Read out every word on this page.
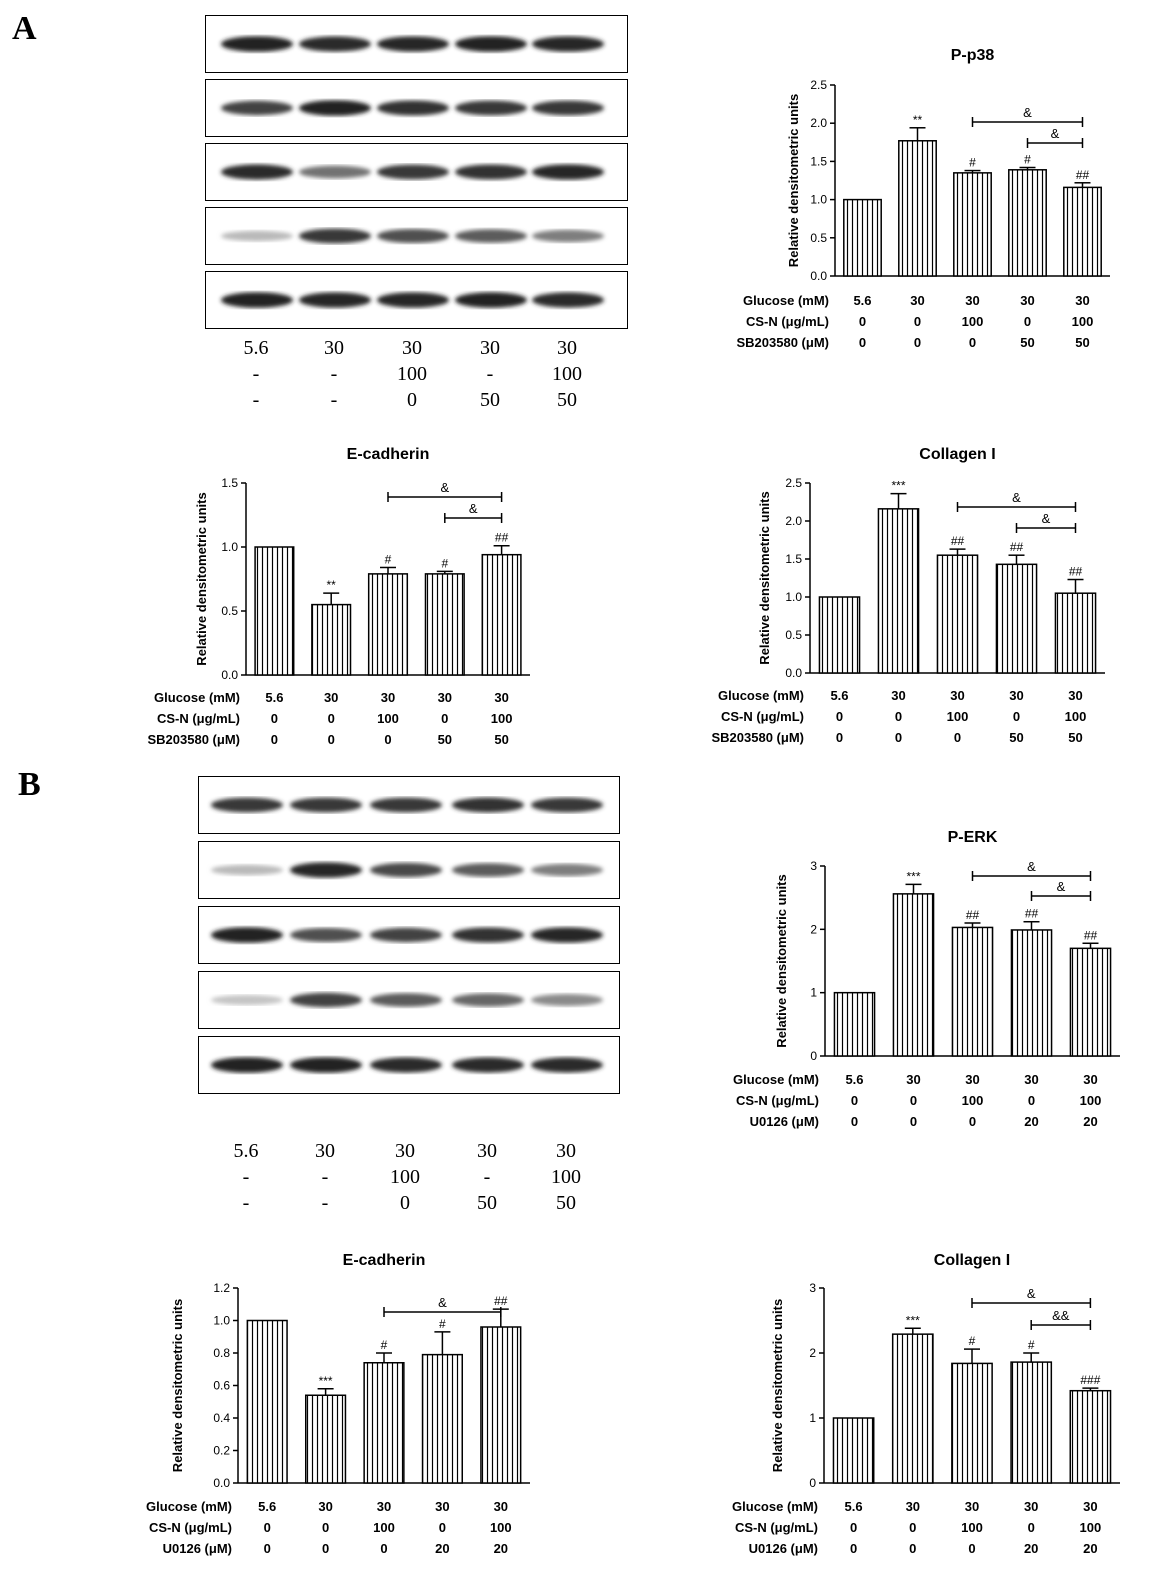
A
B
5.6	30	30	30	30
-	-	100	-	100
-	-	0	50	50
5.6	30	30	30	30
-	-	100	-	100
-	-	0	50	50
P-p38
0.0
0.5
1.0
1.5
2.0
2.5
Relative densitometric units	**
#	#
##
&
&
Glucose (mM) 5.6	30	30	30	30
CS-N (μg/mL) 0	0	100	0	100
SB203580 (μM) 0	0	0	50	50
E-cadherin
0.0
0.5
1.0
1.5
Relative densitometric units	**
#	#
##
&
&
Glucose (mM) 5.6	30	30	30	30
CS-N (μg/mL) 0	0	100	0	100
SB203580 (μM) 0	0	0	50	50
Collagen I
0.0
0.5
1.0
1.5
2.0
2.5
Relative densitometric units
***
##	##
##
&
&
Glucose (mM) 5.6	30	30	30	30
CS-N (μg/mL) 0	0	100	0	100
SB203580 (μM) 0	0	0	50	50
P-ERK
0
1
2
3
Relative densitometric units	***
##	##
##
&
&
Glucose (mM) 5.6	30	30	30	30
CS-N (μg/mL) 0	0	100	0	100
U0126 (μM) 0	0	0	20	20
E-cadherin
0.0
0.2
0.4
0.6
0.8
1.0
1.2
Relative densitometric units	***
#
#
##
&
Glucose (mM) 5.6	30	30	30	30
CS-N (μg/mL) 0	0	100	0	100
U0126 (μM) 0	0	0	20	20
Collagen I
0
1
2
3
Relative densitometric units	***
#	#
###
&
&&
Glucose (mM) 5.6	30	30	30	30
CS-N (μg/mL) 0	0	100	0	100
U0126 (μM) 0	0	0	20	20
